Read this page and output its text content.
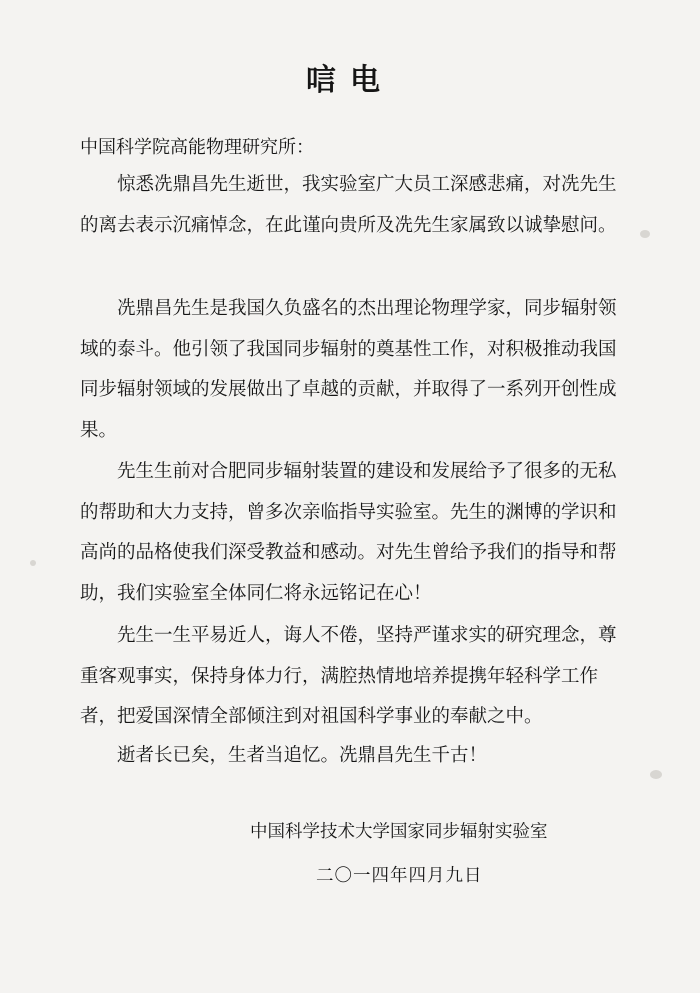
唁电
中国科学院高能物理研究所：

惊悉冼鼎昌先生逝世，我实验室广大员工深感悲痛，对冼先生的离去表示沉痛悼念，在此谨向贵所及冼先生家属致以诚挚慰问。

冼鼎昌先生是我国久负盛名的杰出理论物理学家，同步辐射领域的泰斗。他引领了我国同步辐射的奠基性工作，对积极推动我国同步辐射领域的发展做出了卓越的贡献，并取得了一系列开创性成果。

先生生前对合肥同步辐射装置的建设和发展给予了很多的无私的帮助和大力支持，曾多次亲临指导实验室。先生的渊博的学识和高尚的品格使我们深受教益和感动。对先生曾给予我们的指导和帮助，我们实验室全体同仁将永远铭记在心！

先生一生平易近人，诲人不倦，坚持严谨求实的研究理念，尊重客观事实，保持身体力行，满腔热情地培养提携年轻科学工作者，把爱国深情全部倾注到对祖国科学事业的奉献之中。

逝者长已矣，生者当追忆。冼鼎昌先生千古！

中国科学技术大学国家同步辐射实验室
二〇一四年四月九日
